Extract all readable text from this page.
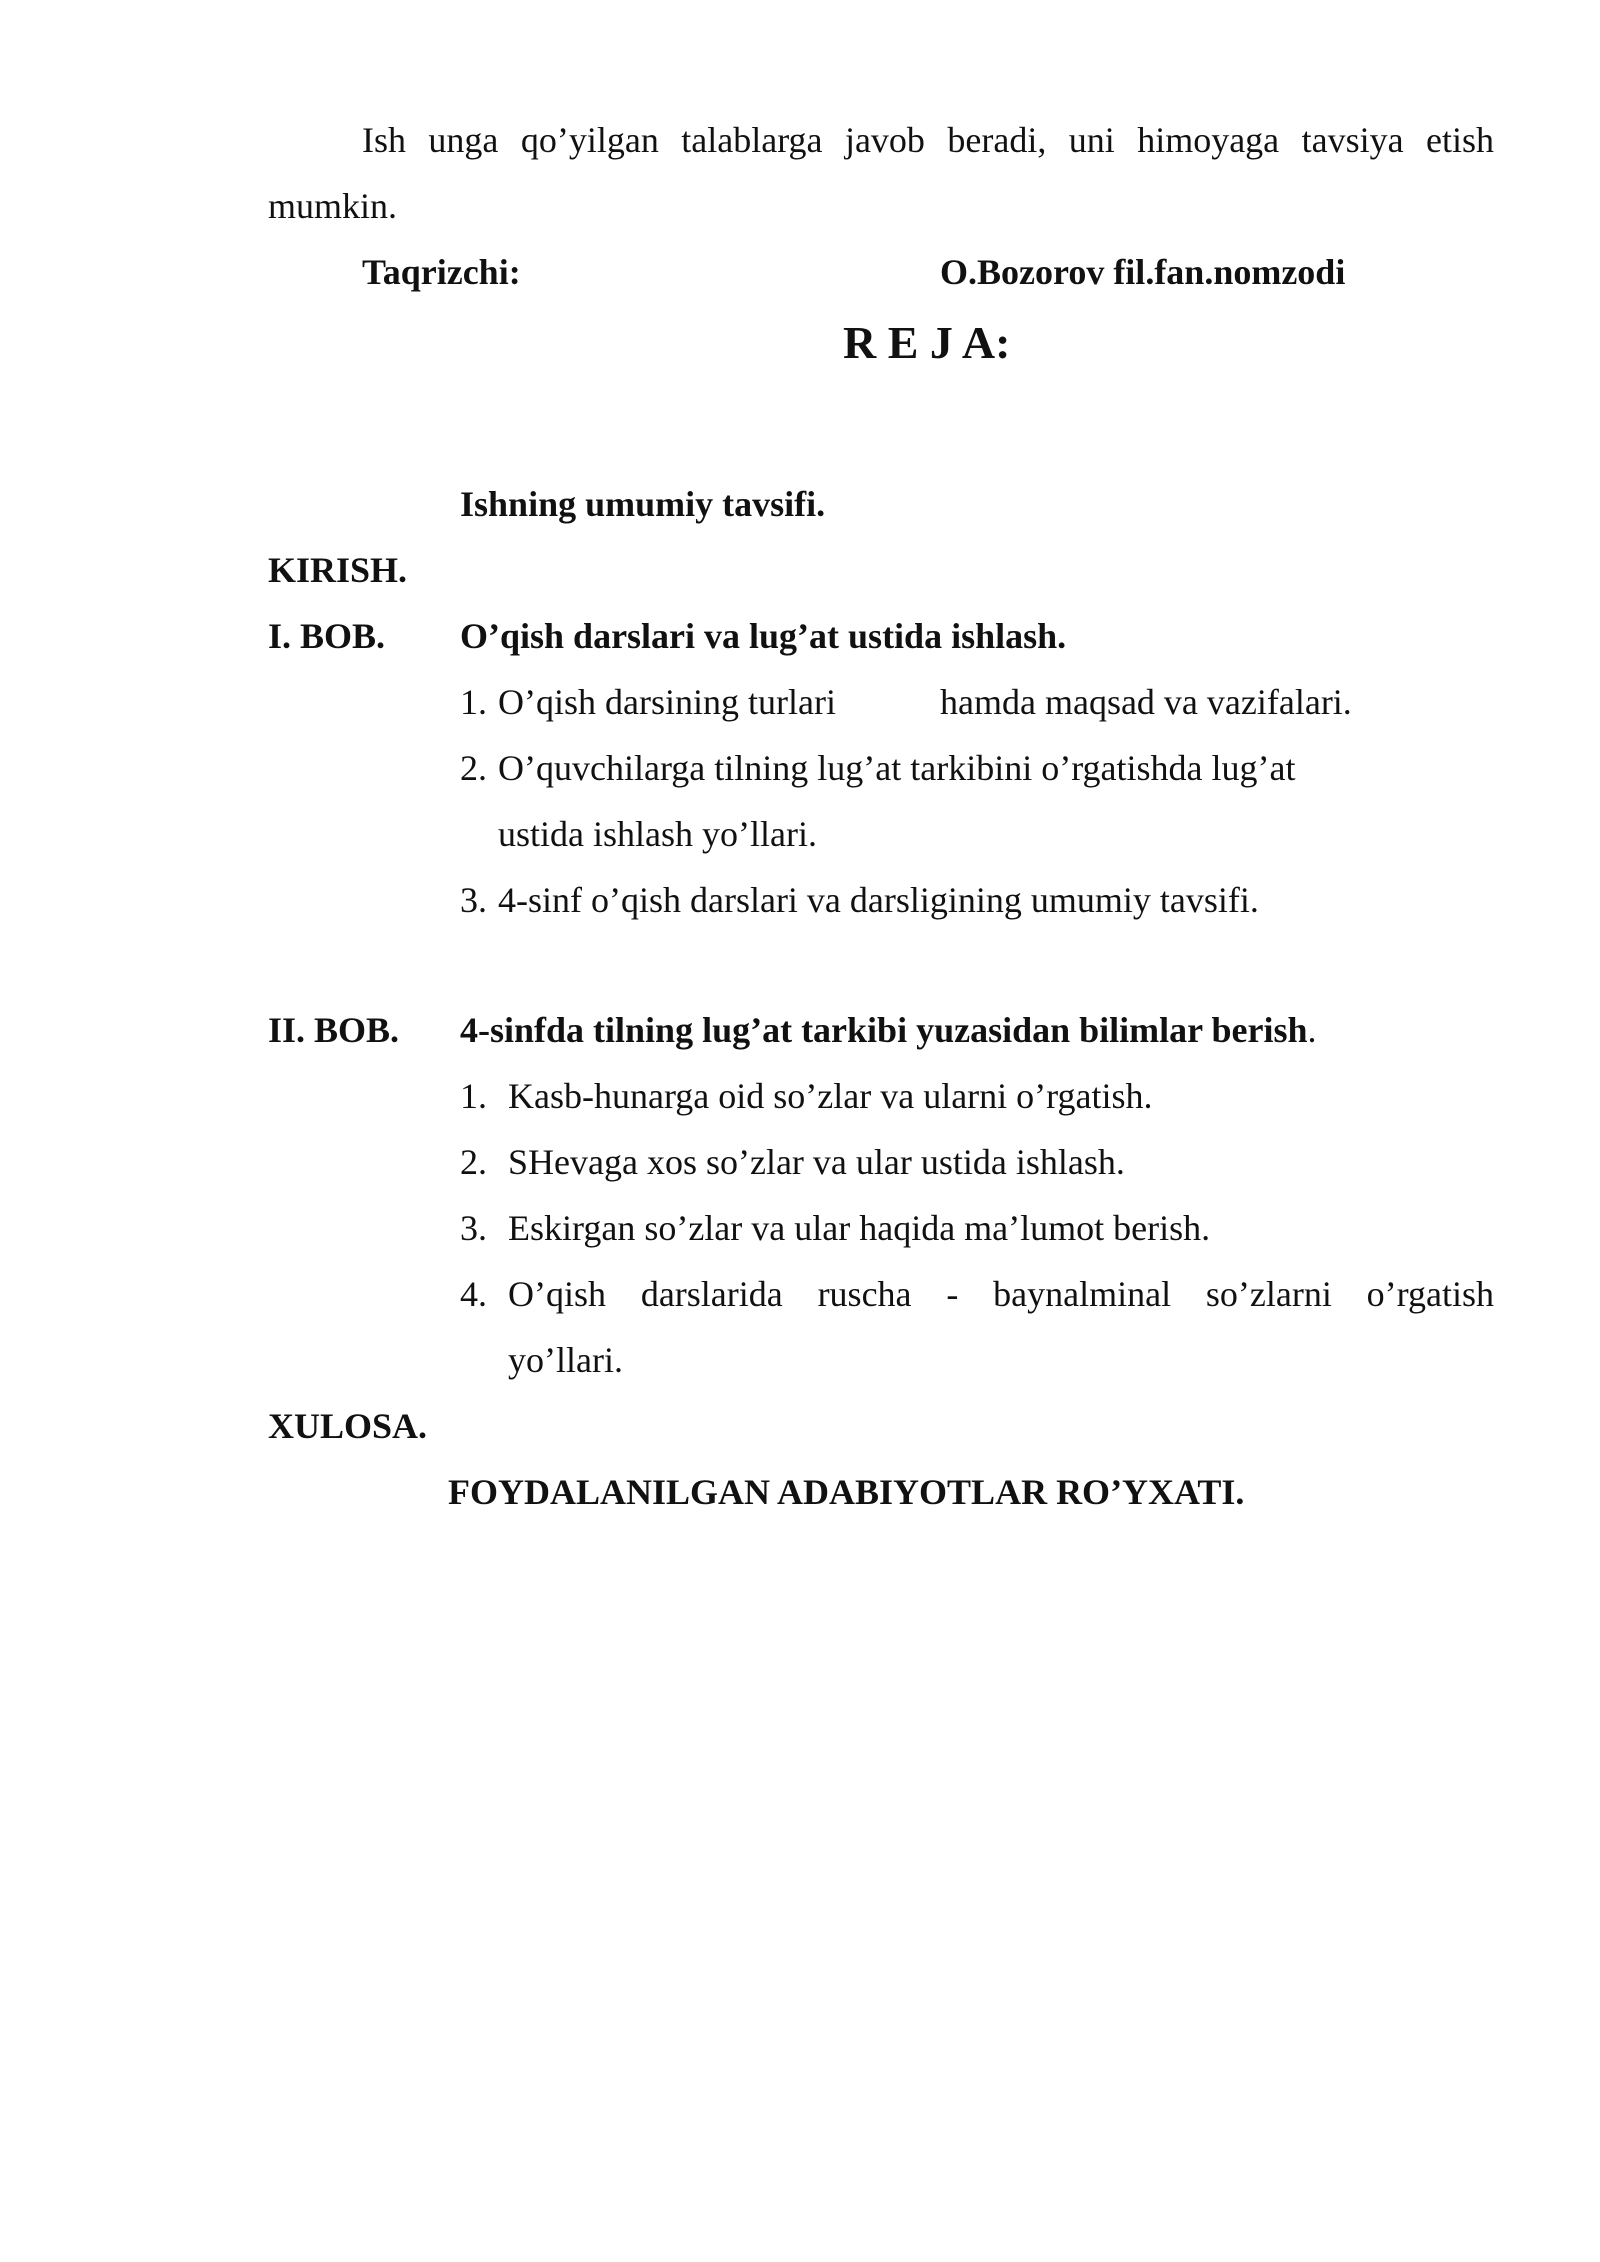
Ish unga qo’yilgan talablarga javob beradi, uni himoyaga tavsiya etish
mumkin.
Taqrizchi:	O.Bozorov fil.fan.nomzodi
R E J A:
Ishning umumiy tavsifi.
KIRISH.
I. BOB. O’qish darslari va lug’at ustida ishlash.
1. O’qish darsining turlari	hamda maqsad va vazifalari.
2. O’quvchilarga tilning lug’at tarkibini o’rgatishda lug’at
ustida ishlash yo’llari.
3. 4-sinf o’qish darslari va darsligining umumiy tavsifi.
II. BOB. 4-sinfda tilning lug’at tarkibi yuzasidan bilimlar berish.
1. Kasb-hunarga oid so’zlar va ularni o’rgatish.
2. SHevaga xos so’zlar va ular ustida ishlash.
3. Eskirgan so’zlar va ular haqida ma’lumot berish.
4. O’qish darslarida ruscha - baynalminal so’zlarni o’rgatish
yo’llari.
XULOSA.
FOYDALANILGAN ADABIYOTLAR RO’YXATI.
